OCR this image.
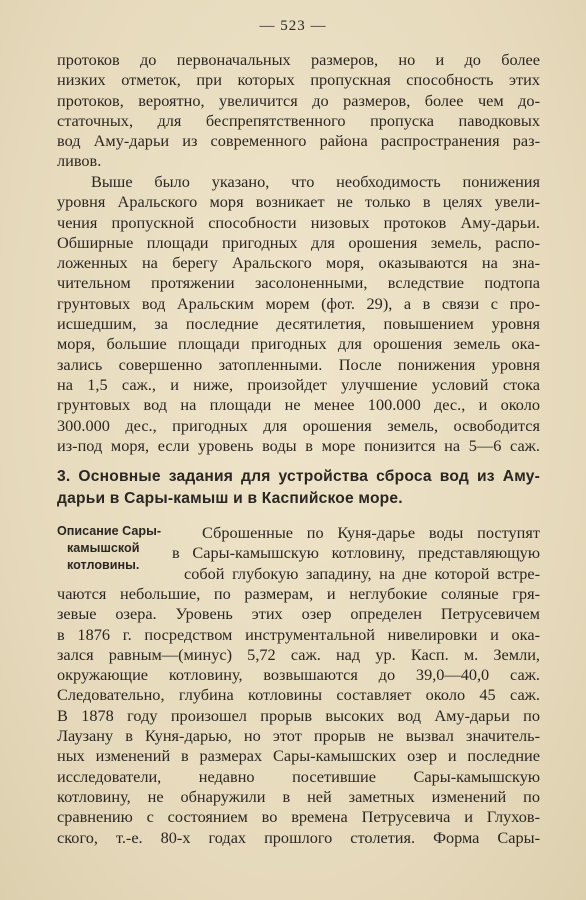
— 523 —
протоков до первоначальных размеров, но и до более
низких отметок, при которых пропускная способность этих
протоков, вероятно, увеличится до размеров, более чем до-
статочных, для беспрепятственного пропуска паводковых
вод Аму-дарьи из современного района распространения раз-
ливов.
Выше было указано, что необходимость понижения
уровня Аральского моря возникает не только в целях увели-
чения пропускной способности низовых протоков Аму-дарьи.
Обширные площади пригодных для орошения земель, распо-
ложенных на берегу Аральского моря, оказываются на зна-
чительном протяжении засолоненными, вследствие подтопа
грунтовых вод Аральским морем (фот. 29), а в связи с про-
исшедшим, за последние десятилетия, повышением уровня
моря, большие площади пригодных для орошения земель ока-
зались совершенно затопленными. После понижения уровня
на 1,5 саж., и ниже, произойдет улучшение условий стока
грунтовых вод на площади не менее 100.000 дес., и около
300.000 дес., пригодных для орошения земель, освободится
из-под моря, если уровень воды в море понизится на 5—6 саж.
3. Основные задания для устройства сброса вод из Аму-
дарьи в Сары-камыш и в Каспийское море.
Описание Сары-
камышской
котловины.
Сброшенные по Куня-дарье воды поступят
в Сары-камышскую котловину, представляющую
собой глубокую западину, на дне которой встре-
чаются небольшие, по размерам, и неглубокие соляные гря-
зевые озера. Уровень этих озер определен Петрусевичем
в 1876 г. посредством инструментальной нивелировки и ока-
зался равным—(минус) 5,72 саж. над ур. Касп. м. Земли,
окружающие котловину, возвышаются до 39,0—40,0 саж.
Следовательно, глубина котловины составляет около 45 саж.
В 1878 году произошел прорыв высоких вод Аму-дарьи по
Лаузану в Куня-дарью, но этот прорыв не вызвал значитель-
ных изменений в размерах Сары-камышских озер и последние
исследователи, недавно посетившие Сары-камышскую
котловину, не обнаружили в ней заметных изменений по
сравнению с состоянием во времена Петрусевича и Глухов-
ского, т.-е. 80-х годах прошлого столетия. Форма Сары-
